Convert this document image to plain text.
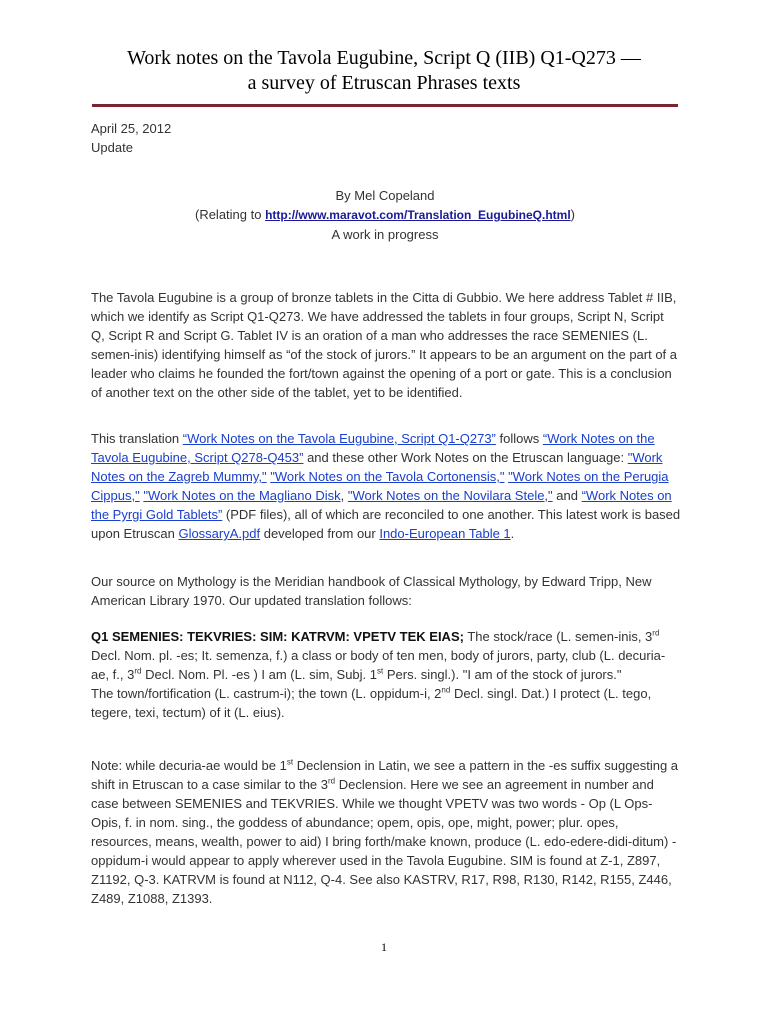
Work notes on the Tavola Eugubine, Script Q (IIB) Q1-Q273 —
a survey of Etruscan Phrases texts
April 25, 2012
Update
By Mel Copeland
(Relating to http://www.maravot.com/Translation_EugubineQ.html)
A work in progress

The Tavola Eugubine is a group of bronze tablets in the Citta di Gubbio. We here address Tablet # IIB, which we identify as Script Q1-Q273. We have addressed the tablets in four groups, Script N, Script Q, Script R and Script G. Tablet IV is an oration of a man who addresses the race SEMENIES (L. semen-inis) identifying himself as “of the stock of jurors.” It appears to be an argument on the part of a leader who claims he founded the fort/town against the opening of a port or gate. This is a conclusion of another text on the other side of the tablet, yet to be identified.

This translation “Work Notes on the Tavola Eugubine, Script Q1-Q273” follows “Work Notes on the Tavola Eugubine, Script Q278-Q453” and these other Work Notes on the Etruscan language: "Work Notes on the Zagreb Mummy," "Work Notes on the Tavola Cortonensis," "Work Notes on the Perugia Cippus," "Work Notes on the Magliano Disk, "Work Notes on the Novilara Stele," and “Work Notes on the Pyrgi Gold Tablets” (PDF files), all of which are reconciled to one another. This latest work is based upon Etruscan GlossaryA.pdf developed from our Indo-European Table 1.

Our source on Mythology is the Meridian handbook of Classical Mythology, by Edward Tripp, New American Library 1970. Our updated translation follows:

Q1 SEMENIES: TEKVRIES: SIM: KATRVM: VPETV TEK EIAS; The stock/race (L. semen-inis, 3rd Decl. Nom. pl. -es; It. semenza, f.) a class or body of ten men, body of jurors, party, club (L. decuria-ae, f., 3rd Decl. Nom. Pl. -es ) I am (L. sim, Subj. 1st Pers. singl.). "I am of the stock of jurors."
The town/fortification (L. castrum-i); the town (L. oppidum-i, 2nd Decl. singl. Dat.) I protect (L. tego, tegere, texi, tectum) of it (L. eius).

Note: while decuria-ae would be 1st Declension in Latin, we see a pattern in the -es suffix suggesting a shift in Etruscan to a case similar to the 3rd Declension. Here we see an agreement in number and case between SEMENIES and TEKVRIES. While we thought VPETV was two words - Op (L Ops-Opis, f. in nom. sing., the goddess of abundance; opem, opis, ope, might, power; plur. opes, resources, means, wealth, power to aid) I bring forth/make known, produce (L. edo-edere-didi-ditum) - oppidum-i would appear to apply wherever used in the Tavola Eugubine. SIM is found at Z-1, Z897, Z1192, Q-3. KATRVM is found at N112, Q-4. See also KASTRV, R17, R98, R130, R142, R155, Z446, Z489, Z1088, Z1393.

1
